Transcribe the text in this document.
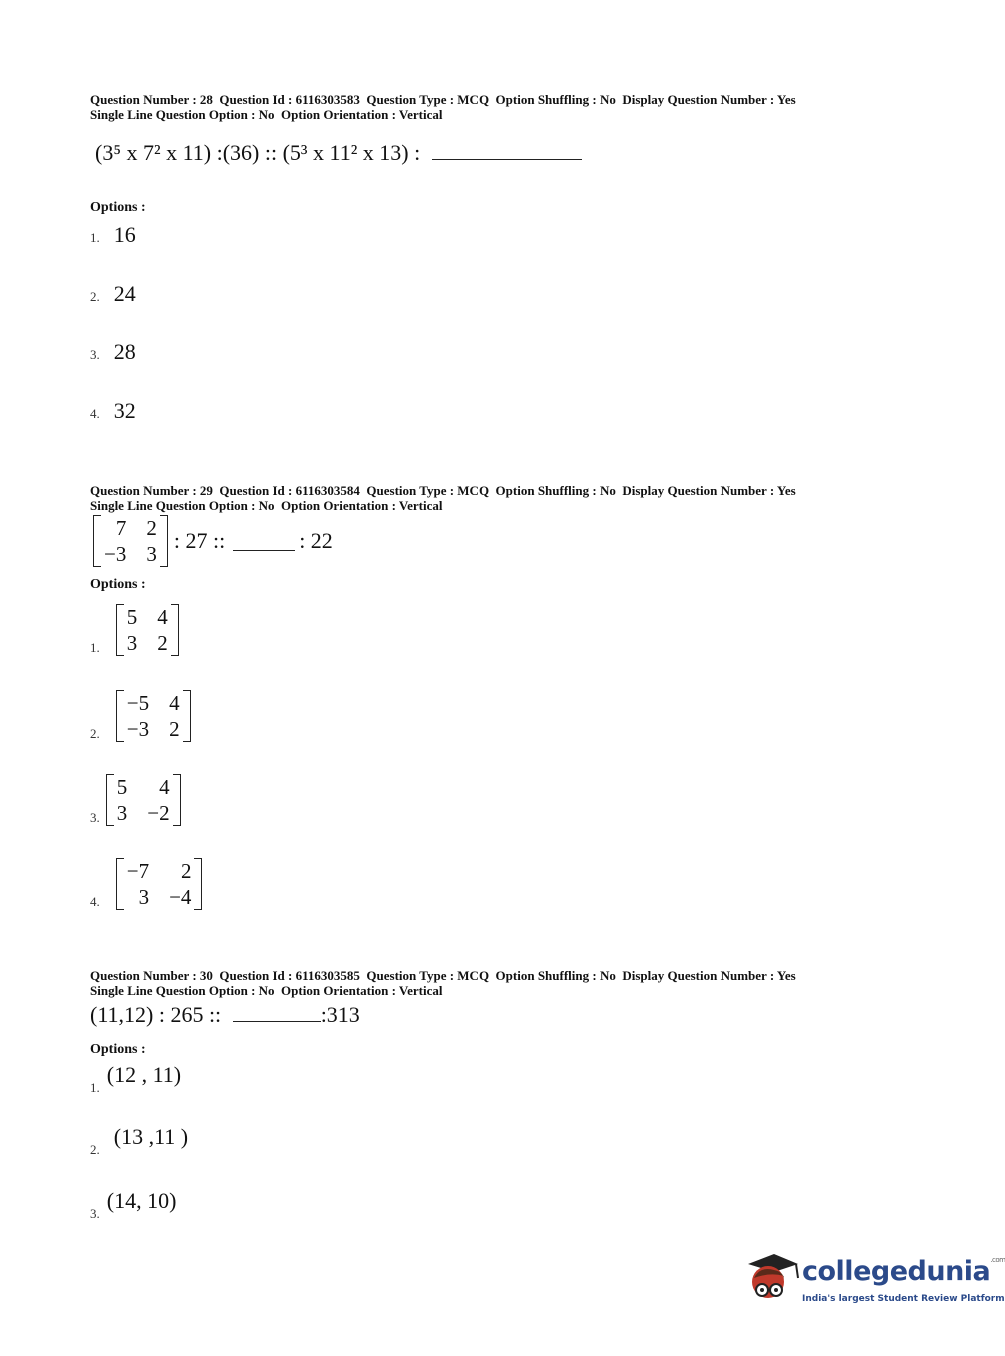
Question Number : 28  Question Id : 6116303583  Question Type : MCQ  Option Shuffling : No  Display Question Number : Yes
Single Line Question Option : No  Option Orientation : Vertical
(3⁵ x 7² x 11) :(36) :: (5³ x 11² x 13) :
Options :
1. 16
2. 24
3. 28
4. 32
Question Number : 29  Question Id : 6116303584  Question Type : MCQ  Option Shuffling : No  Display Question Number : Yes
Single Line Question Option : No  Option Orientation : Vertical
7 2
−3 3
: 27 ::	: 22
Options :
1.
5 4
3 2
2.
−5 4
−3 2
3.
5	4
3 −2
4.
−7	2
3 −4
Question Number : 30  Question Id : 6116303585  Question Type : MCQ  Option Shuffling : No  Display Question Number : Yes
Single Line Question Option : No  Option Orientation : Vertical
(11,12) : 265 ::	:313
Options :
$_{1.}$ (12 , 11)
$_{2.}$ (13 ,11 )
$_{3.}$ (14, 10)
collegedunia$^{.com}$
India's largest Student Review Platform
